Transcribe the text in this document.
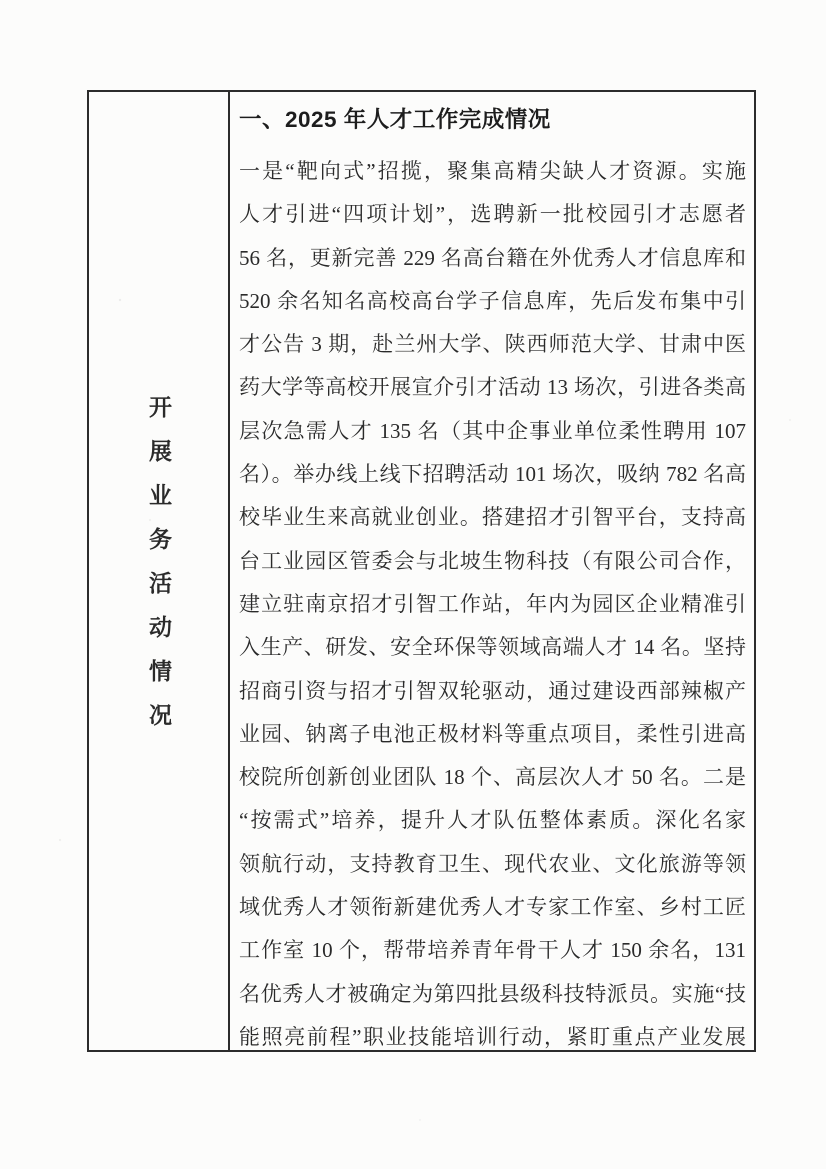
开展业务活动情况
一、2025 年人才工作完成情况
一是“靶向式”招揽，聚集高精尖缺人才资源。实施
人才引进“四项计划”，选聘新一批校园引才志愿者
56 名，更新完善 229 名高台籍在外优秀人才信息库和
520 余名知名高校高台学子信息库，先后发布集中引
才公告 3 期，赴兰州大学、陕西师范大学、甘肃中医
药大学等高校开展宣介引才活动 13 场次，引进各类高
层次急需人才 135 名（其中企事业单位柔性聘用 107
名）。举办线上线下招聘活动 101 场次，吸纳 782 名高
校毕业生来高就业创业。搭建招才引智平台，支持高
台工业园区管委会与北坡生物科技（有限公司合作，
建立驻南京招才引智工作站，年内为园区企业精准引
入生产、研发、安全环保等领域高端人才 14 名。坚持
招商引资与招才引智双轮驱动，通过建设西部辣椒产
业园、钠离子电池正极材料等重点项目，柔性引进高
校院所创新创业团队 18 个、高层次人才 50 名。二是
“按需式”培养，提升人才队伍整体素质。深化名家
领航行动，支持教育卫生、现代农业、文化旅游等领
域优秀人才领衔新建优秀人才专家工作室、乡村工匠
工作室 10 个，帮带培养青年骨干人才 150 余名，131
名优秀人才被确定为第四批县级科技特派员。实施“技
能照亮前程”职业技能培训行动，紧盯重点产业发展
